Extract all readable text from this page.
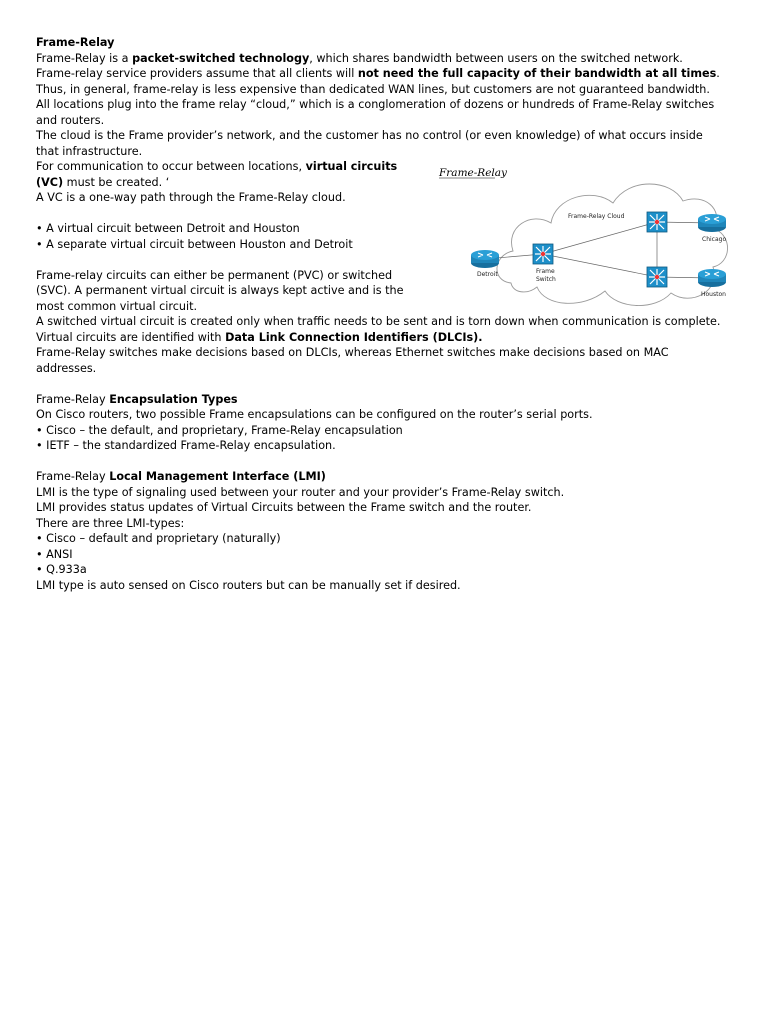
Frame-Relay
Frame-Relay is a packet-switched technology, which shares bandwidth between users on the switched network.
Frame-relay service providers assume that all clients will not need the full capacity of their bandwidth at all times.
Thus, in general, frame-relay is less expensive than dedicated WAN lines, but customers are not guaranteed bandwidth.
All locations plug into the frame relay “cloud,” which is a conglomeration of dozens or hundreds of Frame-Relay switches
and routers.
The cloud is the Frame provider’s network, and the customer has no control (or even knowledge) of what occurs inside
that infrastructure.
For communication to occur between locations, virtual circuits
(VC) must be created. ‘
A VC is a one-way path through the Frame-Relay cloud.
• A virtual circuit between Detroit and Houston
• A separate virtual circuit between Houston and Detroit
Frame-relay circuits can either be permanent (PVC) or switched
(SVC). A permanent virtual circuit is always kept active and is the
most common virtual circuit.
A switched virtual circuit is created only when traffic needs to be sent and is torn down when communication is complete.
Virtual circuits are identified with Data Link Connection Identifiers (DLCIs).
Frame-Relay switches make decisions based on DLCIs, whereas Ethernet switches make decisions based on MAC
addresses.
Frame-Relay Encapsulation Types
On Cisco routers, two possible Frame encapsulations can be configured on the router’s serial ports.
• Cisco – the default, and proprietary, Frame-Relay encapsulation
• IETF – the standardized Frame-Relay encapsulation.
Frame-Relay Local Management Interface (LMI)
LMI is the type of signaling used between your router and your provider’s Frame-Relay switch.
LMI provides status updates of Virtual Circuits between the Frame switch and the router.
There are three LMI-types:
• Cisco – default and proprietary (naturally)
• ANSI
• Q.933a
LMI type is auto sensed on Cisco routers but can be manually set if desired.
Frame-Relay
Frame-Relay Cloud
Detroit	Frame
Switch
Chicago
Houston
